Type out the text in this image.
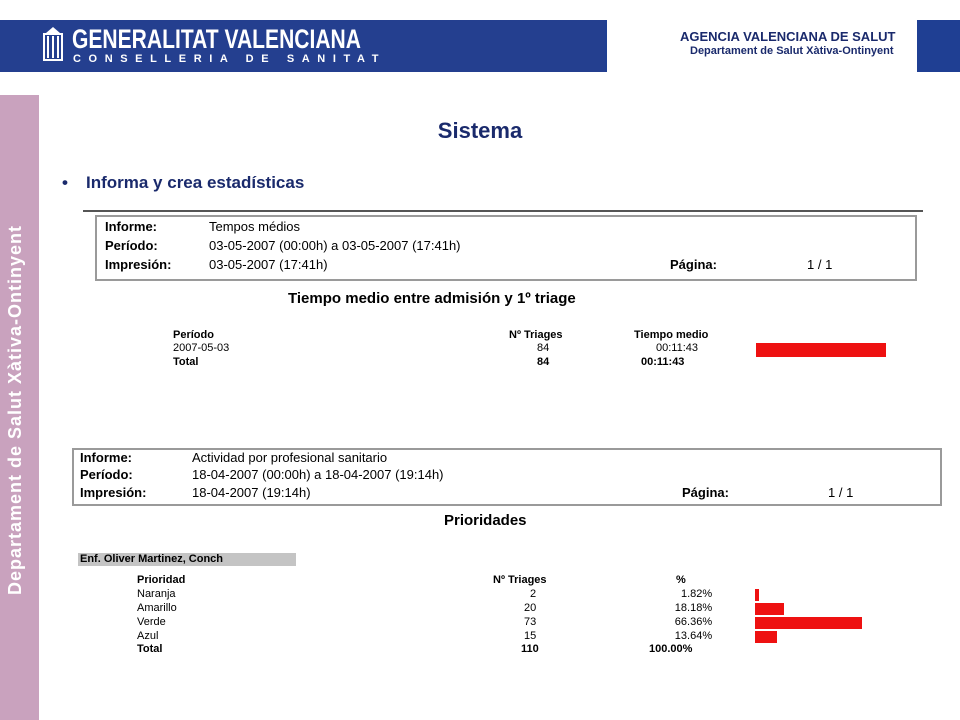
GENERALITAT VALENCIANA
CONSELLERIA DE SANITAT
AGENCIA VALENCIANA DE SALUT
Departament de Salut Xàtiva-Ontinyent
Departament de Salut Xàtiva-Ontinyent
Sistema
• Informa y crea estadísticas
Informe:	Tempos médios
Período:	03-05-2007 (00:00h) a 03-05-2007 (17:41h)
Impresión:	03-05-2007 (17:41h)	Página:	1 / 1
Tiempo medio entre admisión y 1º triage
Período	Nº Triages	Tiempo medio
2007-05-03	84	00:11:43
Total	84	00:11:43
Informe:	Actividad por profesional sanitario
Período:	18-04-2007 (00:00h) a 18-04-2007 (19:14h)
Impresión:	18-04-2007 (19:14h)	Página:	1 / 1
Prioridades
Enf. Oliver Martinez, Conch
Prioridad	Nº Triages	%
Naranja	2	1.82%
Amarillo	20	18.18%
Verde	73	66.36%
Azul	15	13.64%
Total	110	100.00%
